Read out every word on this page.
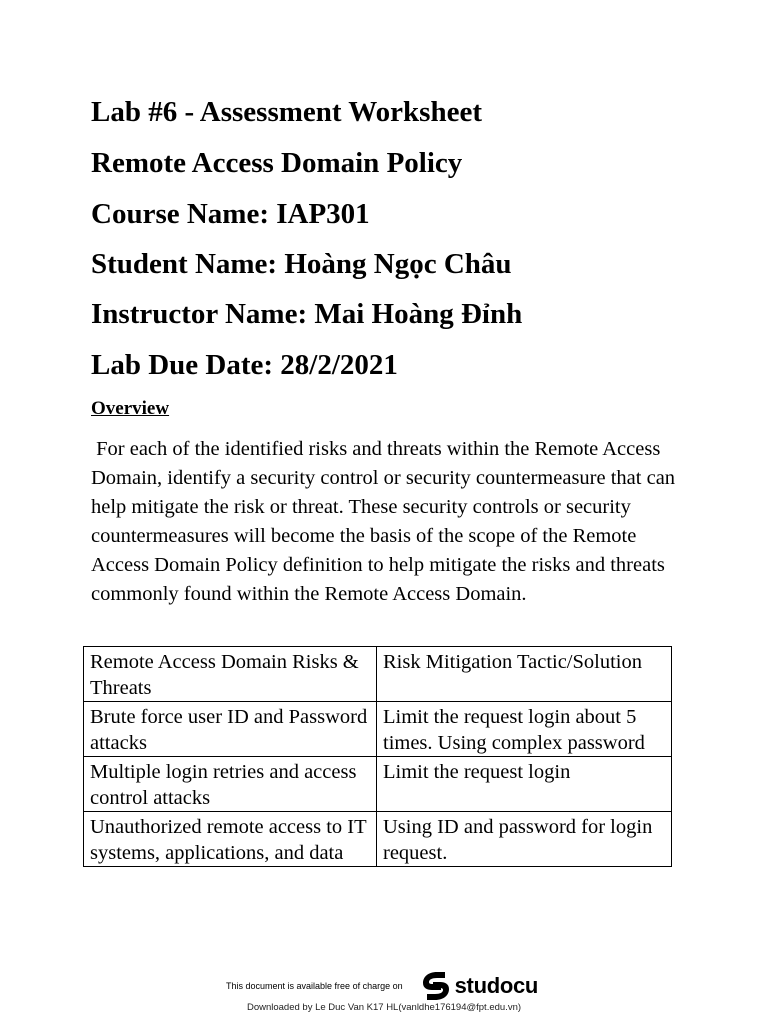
Lab #6 - Assessment Worksheet
Remote Access Domain Policy
Course Name: IAP301
Student Name: Hoàng Ngọc Châu
Instructor Name: Mai Hoàng Đỉnh
Lab Due Date: 28/2/2021
Overview
For each of the identified risks and threats within the Remote Access Domain, identify a security control or security countermeasure that can help mitigate the risk or threat. These security controls or security countermeasures will become the basis of the scope of the Remote Access Domain Policy definition to help mitigate the risks and threats commonly found within the Remote Access Domain.
Remote Access Domain Risks & Threats	Risk Mitigation Tactic/Solution
Brute force user ID and Password attacks	Limit the request login about 5 times. Using complex password
Multiple login retries and access control attacks	Limit the request login
Unauthorized remote access to IT systems, applications, and data	Using ID and password for login request.
This document is available free of charge on studocu
Downloaded by Le Duc Van K17 HL(vanldhe176194@fpt.edu.vn)
